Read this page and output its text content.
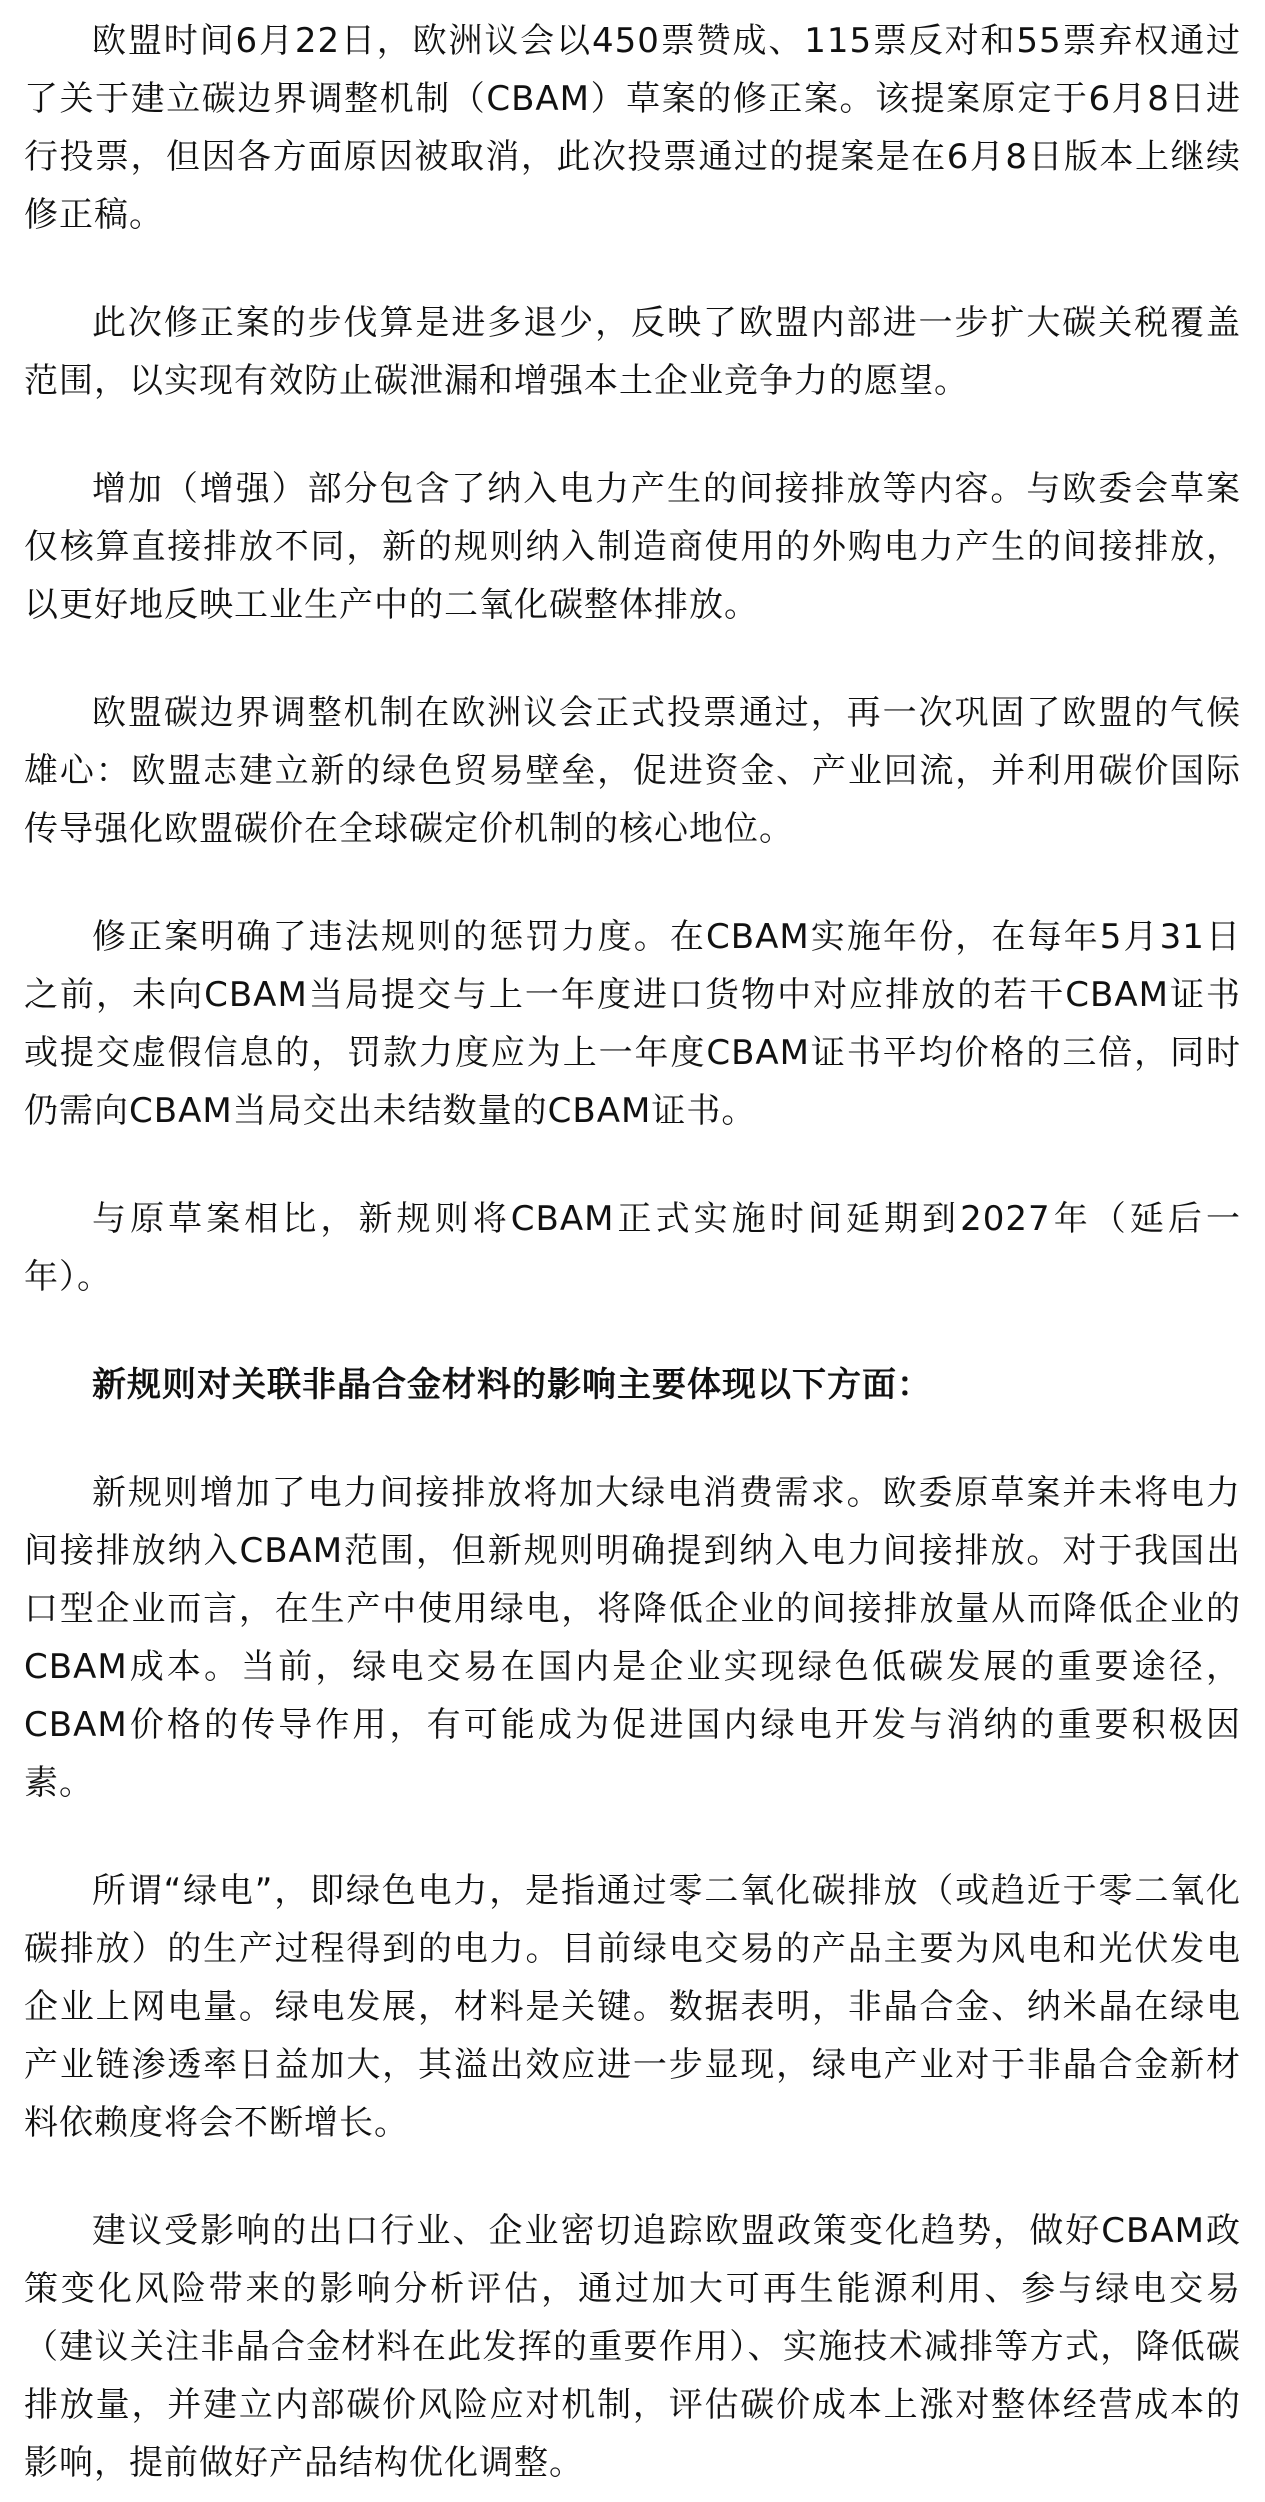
欧盟时间6月22日，欧洲议会以450票赞成、115票反对和55票弃权通过了关于建立碳边界调整机制（CBAM）草案的修正案。该提案原定于6月8日进行投票，但因各方面原因被取消，此次投票通过的提案是在6月8日版本上继续修正稿。

此次修正案的步伐算是进多退少，反映了欧盟内部进一步扩大碳关税覆盖范围，以实现有效防止碳泄漏和增强本土企业竞争力的愿望。

增加（增强）部分包含了纳入电力产生的间接排放等内容。与欧委会草案仅核算直接排放不同，新的规则纳入制造商使用的外购电力产生的间接排放，以更好地反映工业生产中的二氧化碳整体排放。

欧盟碳边界调整机制在欧洲议会正式投票通过，再一次巩固了欧盟的气候雄心：欧盟志建立新的绿色贸易壁垒，促进资金、产业回流，并利用碳价国际传导强化欧盟碳价在全球碳定价机制的核心地位。

修正案明确了违法规则的惩罚力度。在CBAM实施年份，在每年5月31日之前，未向CBAM当局提交与上一年度进口货物中对应排放的若干CBAM证书或提交虚假信息的，罚款力度应为上一年度CBAM证书平均价格的三倍，同时仍需向CBAM当局交出未结数量的CBAM证书。

与原草案相比，新规则将CBAM正式实施时间延期到2027年（延后一年）。

新规则对关联非晶合金材料的影响主要体现以下方面：

新规则增加了电力间接排放将加大绿电消费需求。欧委原草案并未将电力间接排放纳入CBAM范围，但新规则明确提到纳入电力间接排放。对于我国出口型企业而言，在生产中使用绿电，将降低企业的间接排放量从而降低企业的CBAM成本。当前，绿电交易在国内是企业实现绿色低碳发展的重要途径，CBAM价格的传导作用，有可能成为促进国内绿电开发与消纳的重要积极因素。

所谓“绿电”，即绿色电力，是指通过零二氧化碳排放（或趋近于零二氧化碳排放）的生产过程得到的电力。目前绿电交易的产品主要为风电和光伏发电企业上网电量。绿电发展，材料是关键。数据表明，非晶合金、纳米晶在绿电产业链渗透率日益加大，其溢出效应进一步显现，绿电产业对于非晶合金新材料依赖度将会不断增长。

建议受影响的出口行业、企业密切追踪欧盟政策变化趋势，做好CBAM政策变化风险带来的影响分析评估，通过加大可再生能源利用、参与绿电交易（建议关注非晶合金材料在此发挥的重要作用）、实施技术减排等方式，降低碳排放量，并建立内部碳价风险应对机制，评估碳价成本上涨对整体经营成本的影响，提前做好产品结构优化调整。
